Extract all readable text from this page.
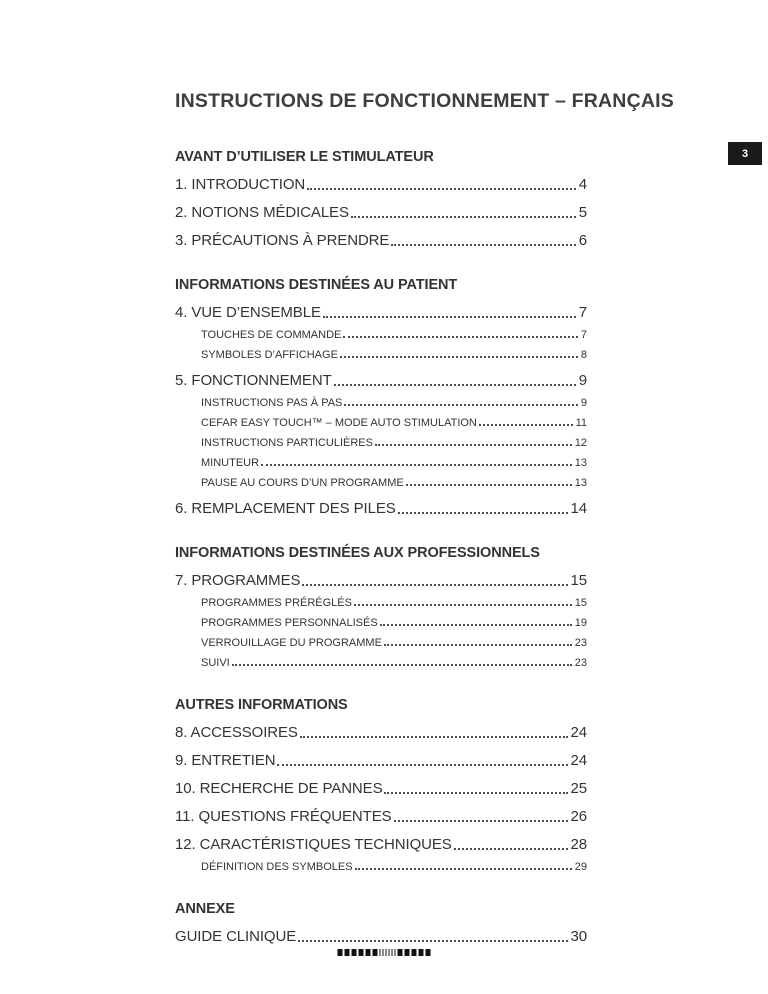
3
INSTRUCTIONS DE FONCTIONNEMENT – FRANÇAIS
AVANT D’UTILISER LE STIMULATEUR
1. INTRODUCTION	4
2. NOTIONS MÉDICALES	5
3. PRÉCAUTIONS À PRENDRE	6
INFORMATIONS DESTINÉES AU PATIENT
4. VUE D’ENSEMBLE	7
TOUCHES DE COMMANDE	7
SYMBOLES D’AFFICHAGE	8
5. FONCTIONNEMENT	9
INSTRUCTIONS PAS À PAS	9
CEFAR EASY TOUCH™ – MODE AUTO STIMULATION	11
INSTRUCTIONS PARTICULIÈRES	12
MINUTEUR	13
PAUSE AU COURS D’UN PROGRAMME	13
6. REMPLACEMENT DES PILES	14
INFORMATIONS DESTINÉES AUX PROFESSIONNELS
7. PROGRAMMES	15
PROGRAMMES PRÉRÉGLÉS	15
PROGRAMMES PERSONNALISÉS	19
VERROUILLAGE DU PROGRAMME	23
SUIVI	23
AUTRES INFORMATIONS
8. ACCESSOIRES	24
9. ENTRETIEN	24
10. RECHERCHE DE PANNES	25
11. QUESTIONS FRÉQUENTES	26
12. CARACTÉRISTIQUES TECHNIQUES	28
DÉFINITION DES SYMBOLES	29
ANNEXE
GUIDE CLINIQUE	30
